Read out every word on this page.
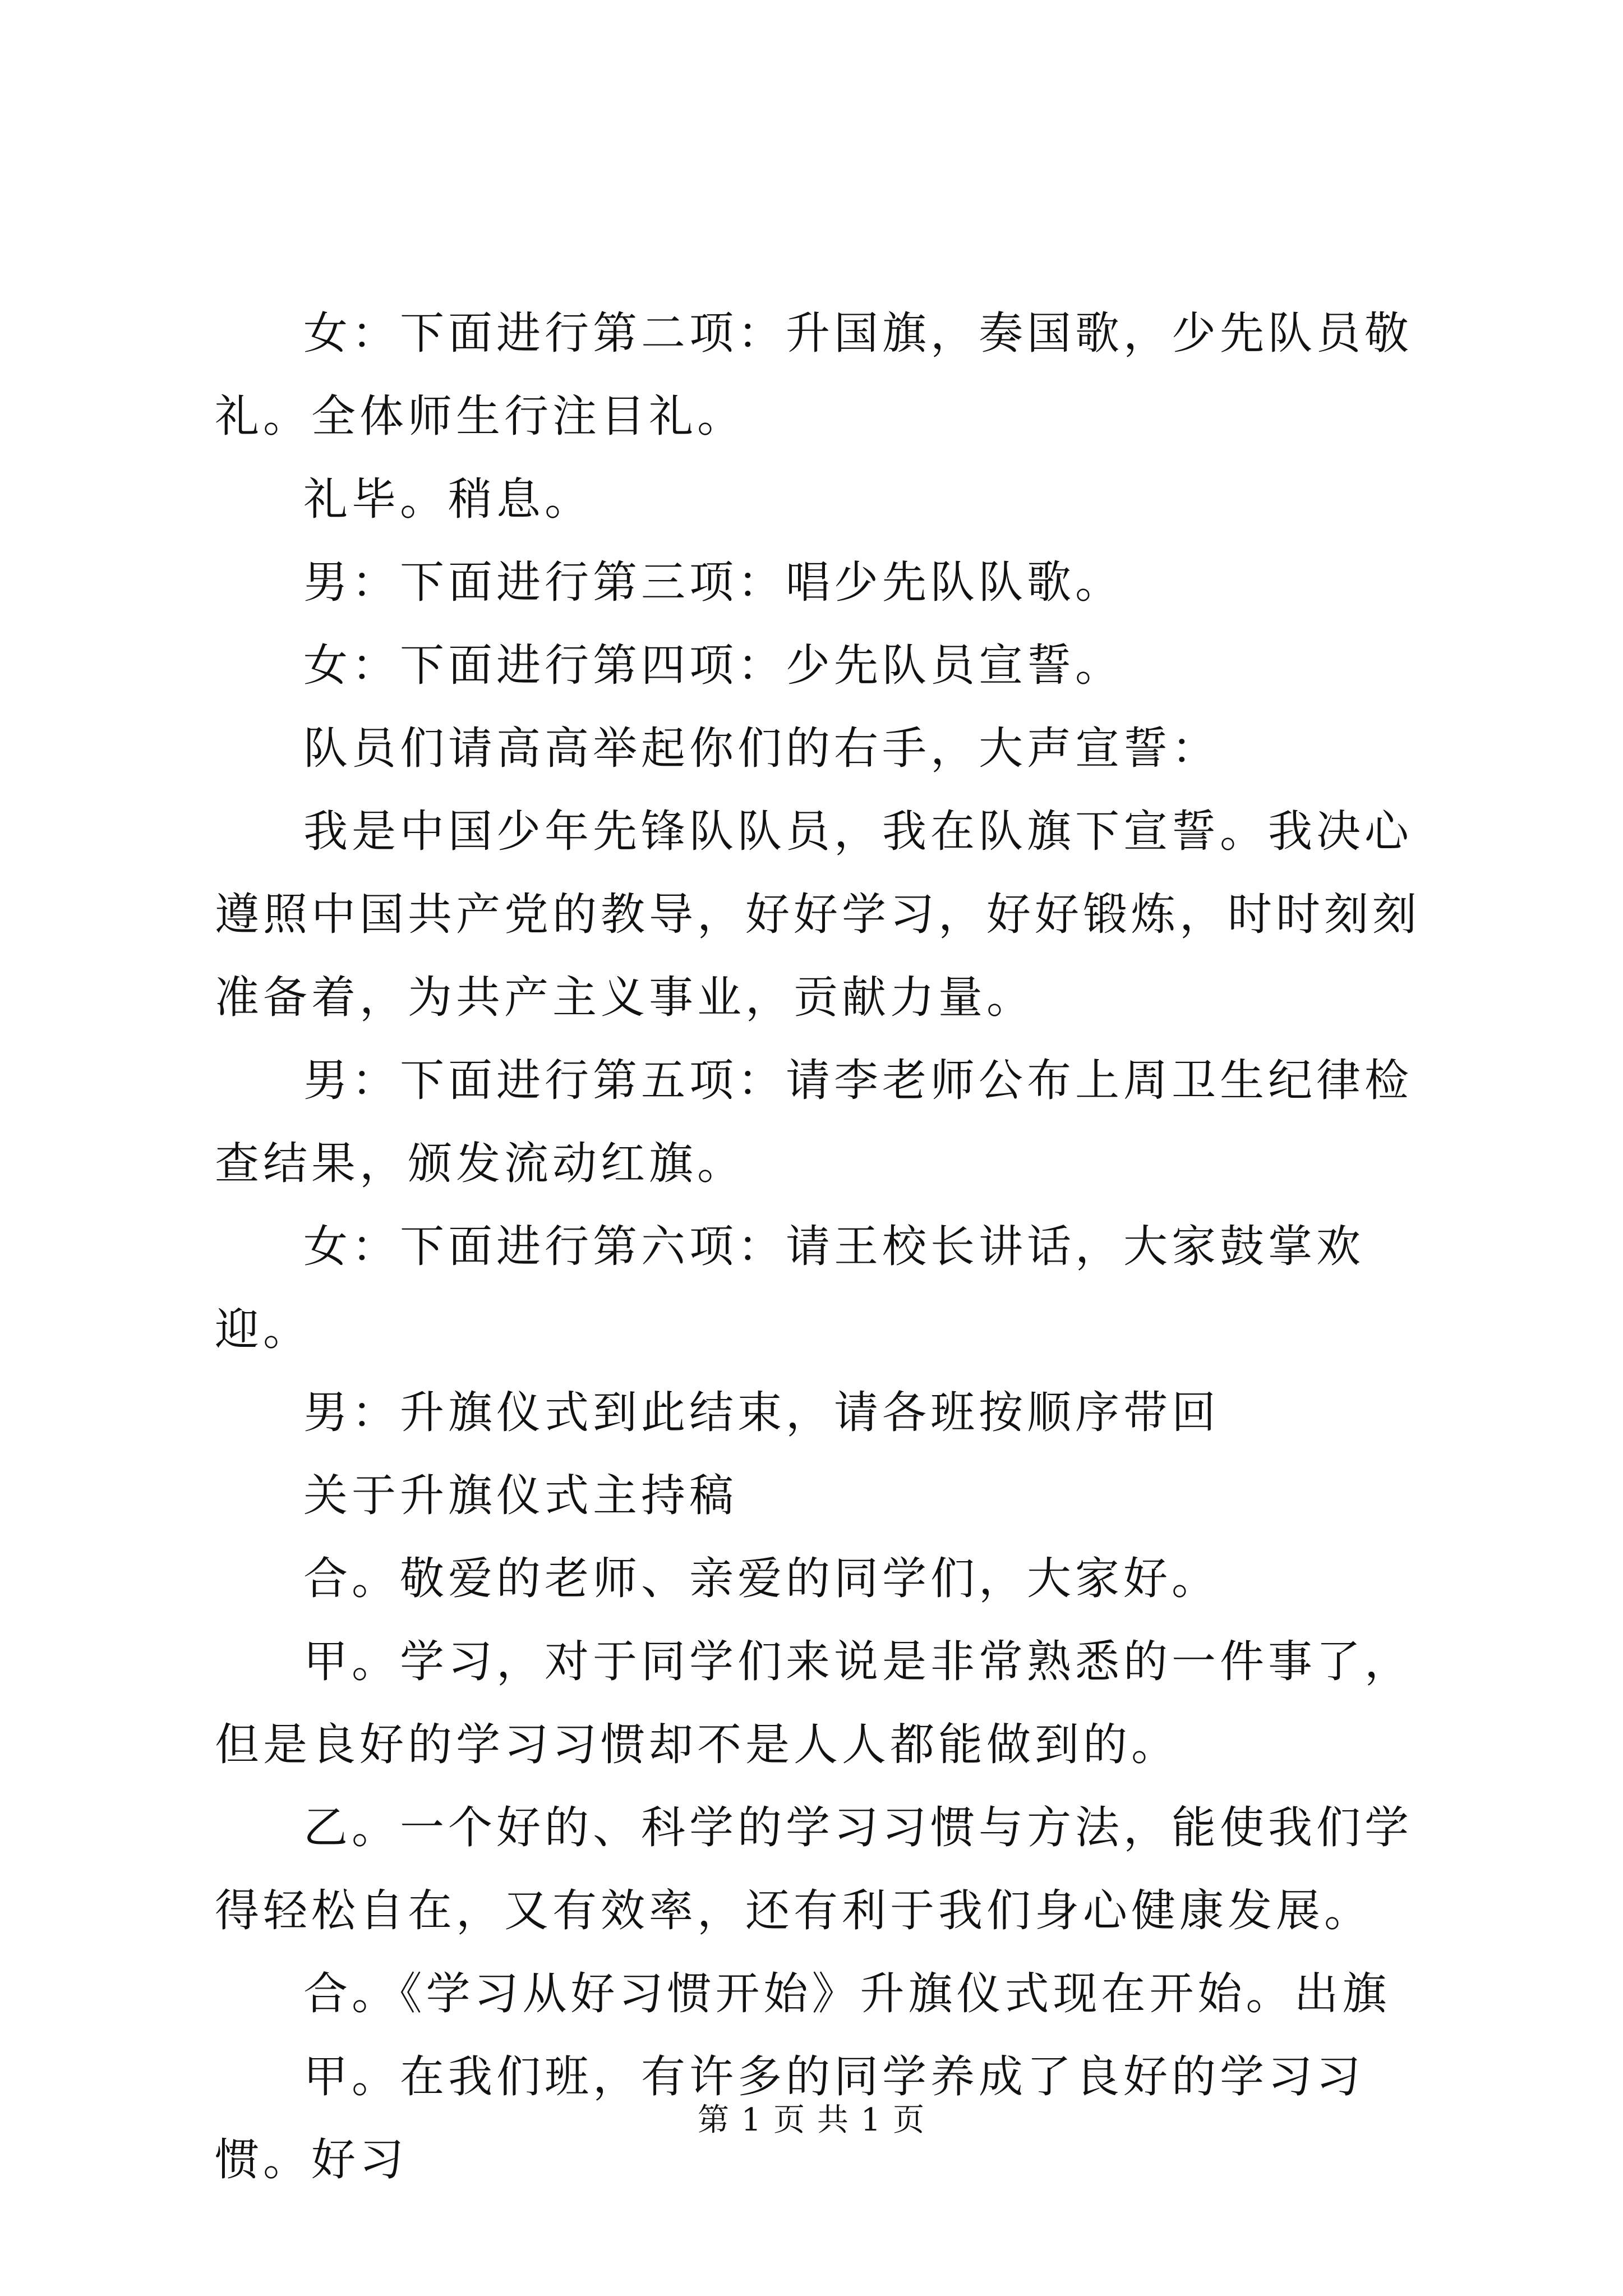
女：下面进行第二项：升国旗，奏国歌，少先队员敬礼。全体师生行注目礼。

礼毕。稍息。

男：下面进行第三项：唱少先队队歌。

女：下面进行第四项：少先队员宣誓。

队员们请高高举起你们的右手，大声宣誓：

我是中国少年先锋队队员，我在队旗下宣誓。我决心遵照中国共产党的教导，好好学习，好好锻炼，时时刻刻准备着，为共产主义事业，贡献力量。

男：下面进行第五项：请李老师公布上周卫生纪律检查结果，颁发流动红旗。

女：下面进行第六项：请王校长讲话，大家鼓掌欢迎。

男：升旗仪式到此结束，请各班按顺序带回

关于升旗仪式主持稿

合。敬爱的老师、亲爱的同学们，大家好。

甲。学习，对于同学们来说是非常熟悉的一件事了，但是良好的学习习惯却不是人人都能做到的。

乙。一个好的、科学的学习习惯与方法，能使我们学得轻松自在，又有效率，还有利于我们身心健康发展。

合。《学习从好习惯开始》升旗仪式现在开始。出旗

甲。在我们班，有许多的同学养成了良好的学习习惯。好习

第 1 页 共 1 页
